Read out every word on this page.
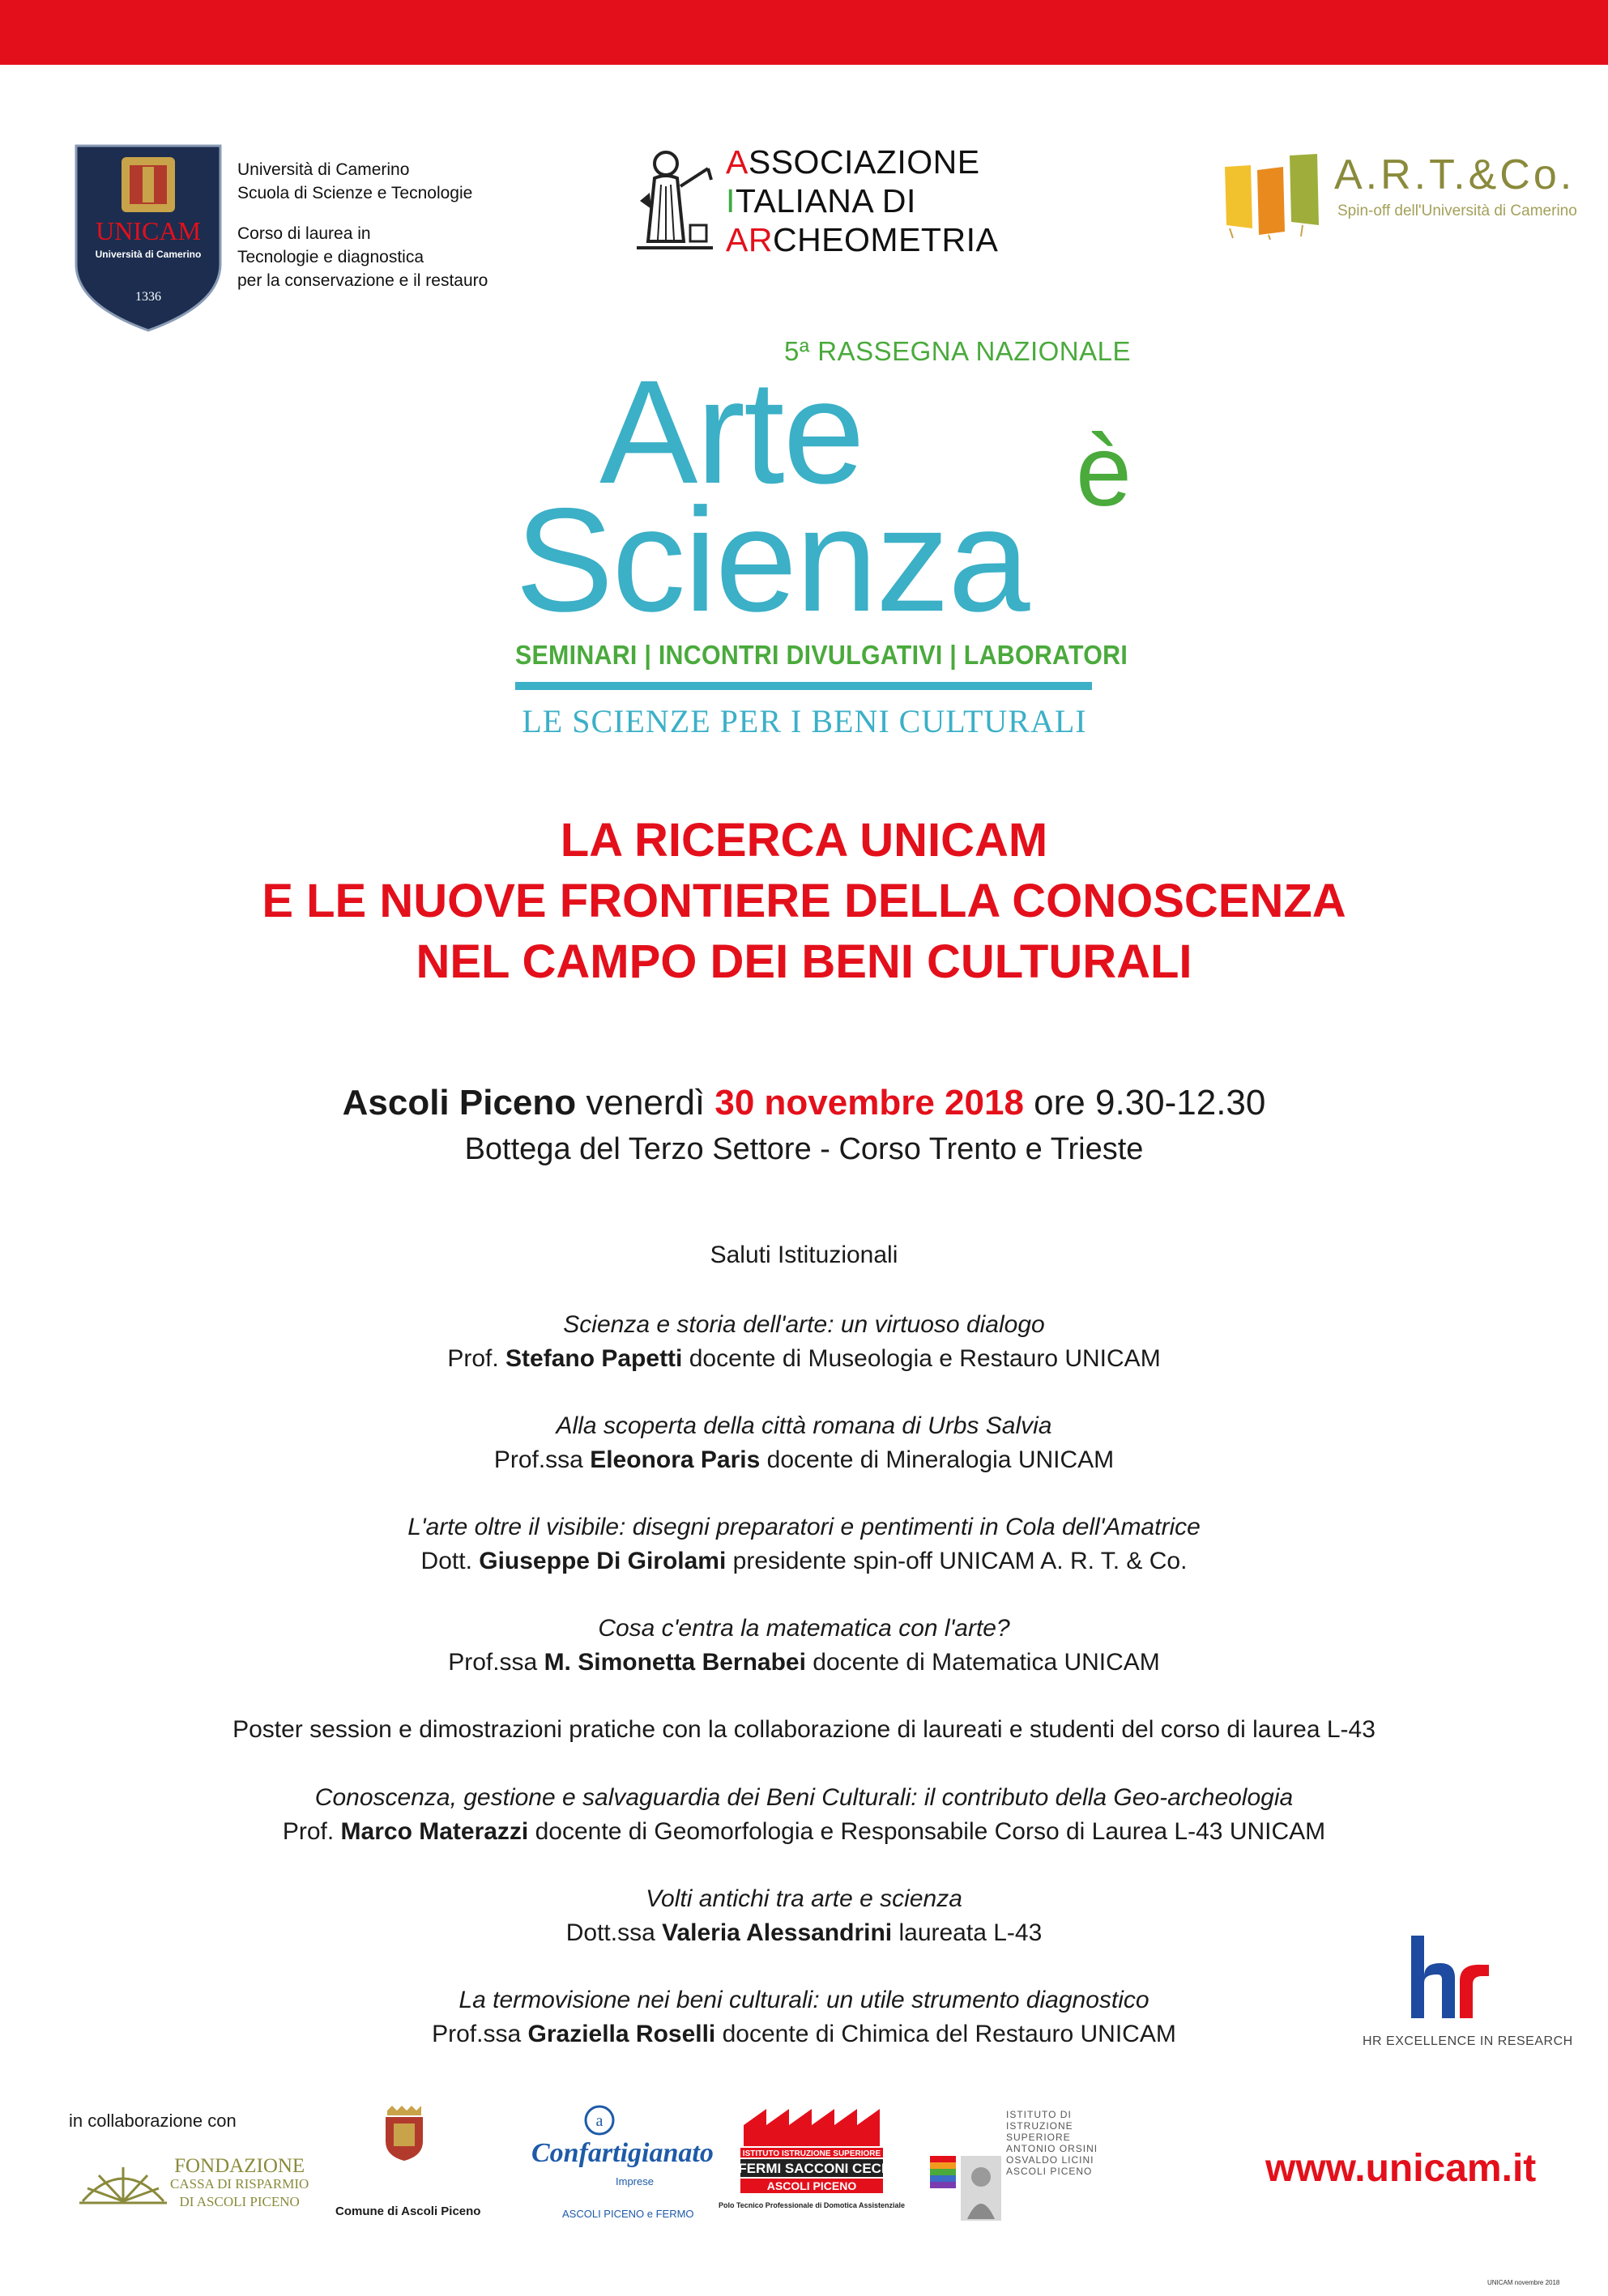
UNICAM
Università di Camerino
1336
Università di Camerino
Scuola di Scienze e Tecnologie
Corso di laurea in
Tecnologie e diagnostica
per la conservazione e il restauro
ASSOCIAZIONE
ITALIANA DI
ARCHEOMETRIA
A.R.T.&Co.
Spin-off dell'Università di Camerino
5ª RASSEGNA NAZIONALE
Arte è
Scienza
SEMINARI | INCONTRI DIVULGATIVI | LABORATORI
LE SCIENZE PER I BENI CULTURALI
LA RICERCA UNICAM
E LE NUOVE FRONTIERE DELLA CONOSCENZA
NEL CAMPO DEI BENI CULTURALI
Ascoli Piceno venerdì 30 novembre 2018 ore 9.30-12.30
Bottega del Terzo Settore - Corso Trento e Trieste
Saluti Istituzionali
Scienza e storia dell'arte: un virtuoso dialogo
Prof. Stefano Papetti docente di Museologia e Restauro UNICAM
Alla scoperta della città romana di Urbs Salvia
Prof.ssa Eleonora Paris docente di Mineralogia UNICAM
L'arte oltre il visibile: disegni preparatori e pentimenti in Cola dell'Amatrice
Dott. Giuseppe Di Girolami presidente spin-off UNICAM A. R. T. & Co.
Cosa c'entra la matematica con l'arte?
Prof.ssa M. Simonetta Bernabei docente di Matematica UNICAM
Poster session e dimostrazioni pratiche con la collaborazione di laureati e studenti del corso di laurea L-43
Conoscenza, gestione e salvaguardia dei Beni Culturali: il contributo della Geo-archeologia
Prof. Marco Materazzi docente di Geomorfologia e Responsabile Corso di Laurea L-43 UNICAM
Volti antichi tra arte e scienza
Dott.ssa Valeria Alessandrini laureata L-43
La termovisione nei beni culturali: un utile strumento diagnostico
Prof.ssa Graziella Roselli docente di Chimica del Restauro UNICAM	HR EXCELLENCE IN RESEARCH
in collaborazione con
FONDAZIONE
CASSA DI RISPARMIO
DI ASCOLI PICENO
Comune di Ascoli Piceno
a
Confartigianato
Imprese
ASCOLI PICENO e FERMO
ISTITUTO ISTRUZIONE SUPERIORE
FERMI SACCONI CECI
ASCOLI PICENO
Polo Tecnico Professionale di Domotica Assistenziale
ISTITUTO DI
ISTRUZIONE
SUPERIORE
ANTONIO ORSINI
OSVALDO LICINI
ASCOLI PICENO	www.unicam.it
UNICAM novembre 2018
